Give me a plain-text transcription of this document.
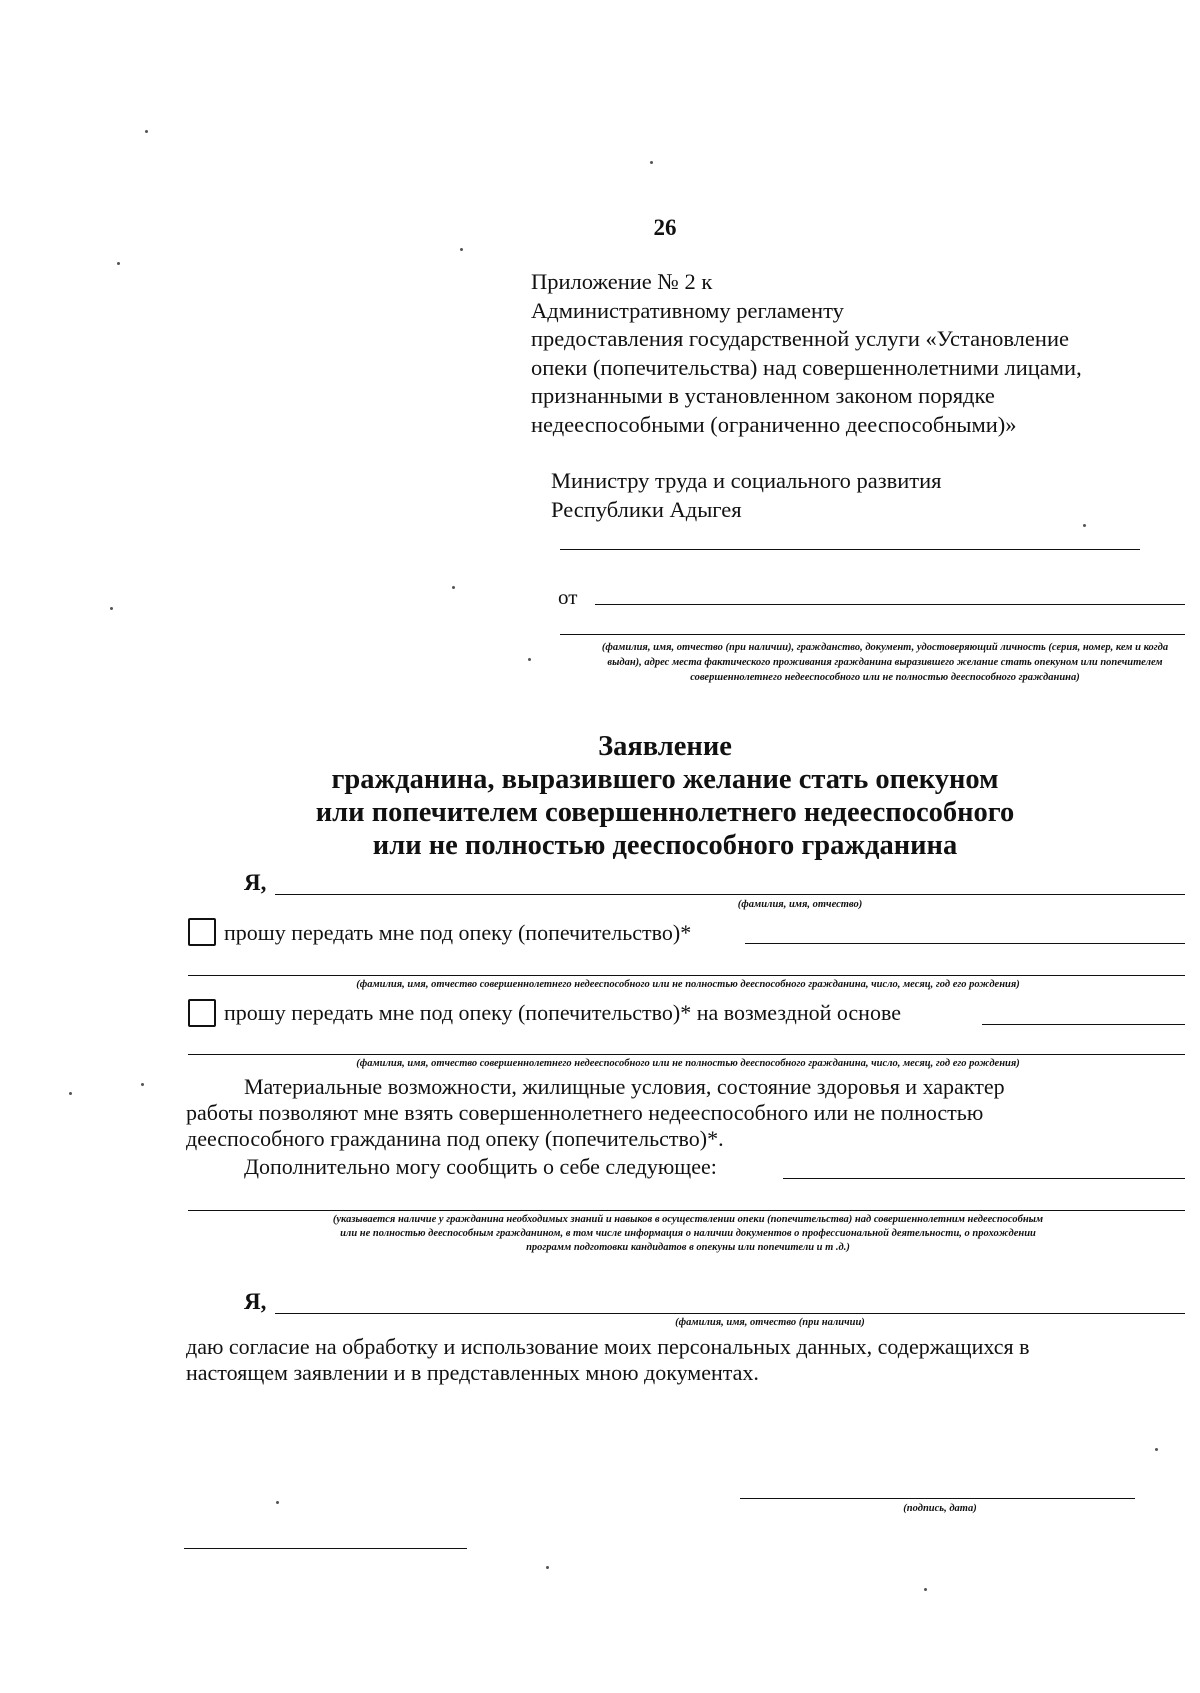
26
Приложение № 2 к
Административному регламенту
предоставления государственной услуги «Установление
опеки (попечительства) над совершеннолетними лицами,
признанными в установленном законом порядке
недееспособными (ограниченно дееспособными)»
Министру труда и социального развития
Республики Адыгея
от
(фамилия, имя, отчество (при наличии), гражданство, документ, удостоверяющий личность (серия, номер, кем и когда выдан), адрес места фактического проживания гражданина выразившего желание стать опекуном или попечителем совершеннолетнего недееспособного или не полностью дееспособного гражданина)
Заявление
гражданина, выразившего желание стать опекуном
или попечителем совершеннолетнего недееспособного
или не полностью дееспособного гражданина
Я,
(фамилия, имя, отчество)
прошу передать мне под опеку (попечительство)*
(фамилия, имя, отчество совершеннолетнего недееспособного или не полностью дееспособного гражданина, число, месяц, год его рождения)
прошу передать мне под опеку (попечительство)* на возмездной основе
(фамилия, имя, отчество совершеннолетнего недееспособного или не полностью дееспособного гражданина, число, месяц, год его рождения)
Материальные возможности, жилищные условия, состояние здоровья и характер
работы позволяют мне взять совершеннолетнего недееспособного или не полностью
дееспособного гражданина под опеку (попечительство)*.
Дополнительно могу сообщить о себе следующее:
(указывается наличие у гражданина необходимых знаний и навыков в осуществлении опеки (попечительства) над совершеннолетним недееспособным
или не полностью дееспособным гражданином, в том числе информация о наличии документов о профессиональной деятельности, о прохождении
программ подготовки кандидатов в опекуны или попечители и т .д.)
Я,
(фамилия, имя, отчество (при наличии)
даю согласие на обработку и использование моих персональных данных, содержащихся в
настоящем заявлении и в представленных мною документах.
(подпись, дата)
